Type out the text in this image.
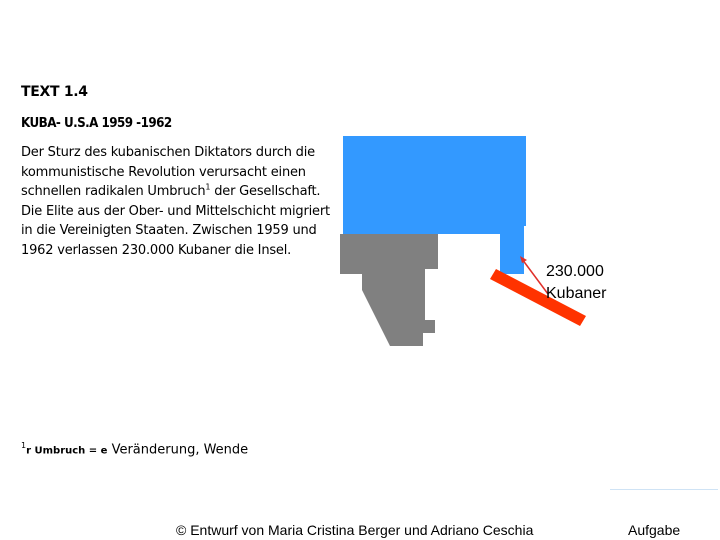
TEXT 1.4
KUBA- U.S.A 1959 -1962
Der Sturz des kubanischen Diktators durch die kommunistische Revolution verursacht einen schnellen radikalen Umbruch$^1$ der Gesellschaft. Die Elite aus der Ober- und Mittelschicht migriert in die Vereinigten Staaten. Zwischen 1959 und 1962 verlassen 230.000 Kubaner die Insel.
230.000
Kubaner
$^1$r Umbruch = e Veränderung, Wende
© Entwurf von Maria Cristina Berger und Adriano Ceschia	Aufgabe
